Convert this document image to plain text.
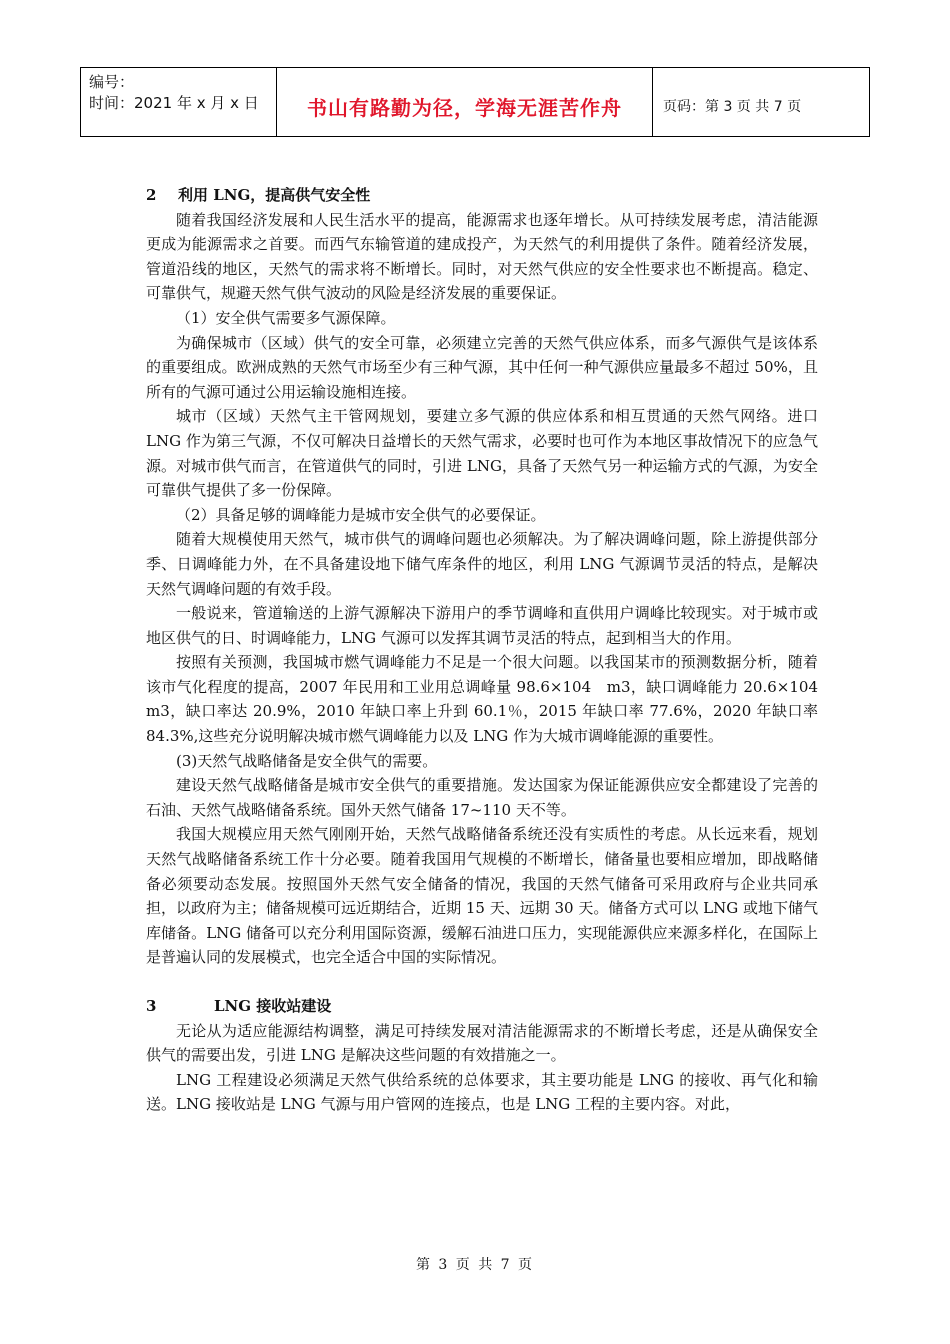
编号：
时间：2021 年 x 月 x 日	书山有路勤为径，学海无涯苦作舟	页码：第 3 页 共 7 页

2 利用 LNG，提高供气安全性

随着我国经济发展和人民生活水平的提高，能源需求也逐年增长。从可持续发展考虑，清洁能源更成为能源需求之首要。而西气东输管道的建成投产，为天然气的利用提供了条件。随着经济发展，管道沿线的地区，天然气的需求将不断增长。同时，对天然气供应的安全性要求也不断提高。稳定、可靠供气，规避天然气供气波动的风险是经济发展的重要保证。

（1）安全供气需要多气源保障。

为确保城市（区域）供气的安全可靠，必须建立完善的天然气供应体系，而多气源供气是该体系的重要组成。欧洲成熟的天然气市场至少有三种气源，其中任何一种气源供应量最多不超过 50%，且所有的气源可通过公用运输设施相连接。

城市（区域）天然气主干管网规划，要建立多气源的供应体系和相互贯通的天然气网络。进口 LNG 作为第三气源，不仅可解决日益增长的天然气需求，必要时也可作为本地区事故情况下的应急气源。对城市供气而言，在管道供气的同时，引进 LNG，具备了天然气另一种运输方式的气源，为安全可靠供气提供了多一份保障。

（2）具备足够的调峰能力是城市安全供气的必要保证。

随着大规模使用天然气，城市供气的调峰问题也必须解决。为了解决调峰问题，除上游提供部分季、日调峰能力外，在不具备建设地下储气库条件的地区，利用 LNG 气源调节灵活的特点，是解决天然气调峰问题的有效手段。

一般说来，管道输送的上游气源解决下游用户的季节调峰和直供用户调峰比较现实。对于城市或地区供气的日、时调峰能力，LNG 气源可以发挥其调节灵活的特点，起到相当大的作用。

按照有关预测，我国城市燃气调峰能力不足是一个很大问题。以我国某市的预测数据分析，随着该市气化程度的提高，2007 年民用和工业用总调峰量 98.6×104　m3，缺口调峰能力 20.6×104　m3，缺口率达 20.9%，2010 年缺口率上升到 60.1％，2015 年缺口率 77.6%，2020 年缺口率 84.3%,这些充分说明解决城市燃气调峰能力以及 LNG 作为大城市调峰能源的重要性。

(3)天然气战略储备是安全供气的需要。

建设天然气战略储备是城市安全供气的重要措施。发达国家为保证能源供应安全都建设了完善的石油、天然气战略储备系统。国外天然气储备 17~110 天不等。

我国大规模应用天然气刚刚开始，天然气战略储备系统还没有实质性的考虑。从长远来看，规划天然气战略储备系统工作十分必要。随着我国用气规模的不断增长，储备量也要相应增加，即战略储备必须要动态发展。按照国外天然气安全储备的情况，我国的天然气储备可采用政府与企业共同承担，以政府为主；储备规模可远近期结合，近期 15 天、远期 30 天。储备方式可以 LNG 或地下储气库储备。LNG 储备可以充分利用国际资源，缓解石油进口压力，实现能源供应来源多样化，在国际上是普遍认同的发展模式，也完全适合中国的实际情况。

3	LNG 接收站建设

无论从为适应能源结构调整，满足可持续发展对清洁能源需求的不断增长考虑，还是从确保安全供气的需要出发，引进 LNG 是解决这些问题的有效措施之一。

LNG 工程建设必须满足天然气供给系统的总体要求，其主要功能是 LNG 的接收、再气化和输送。LNG 接收站是 LNG 气源与用户管网的连接点，也是 LNG 工程的主要内容。对此，

第 3 页 共 7 页
